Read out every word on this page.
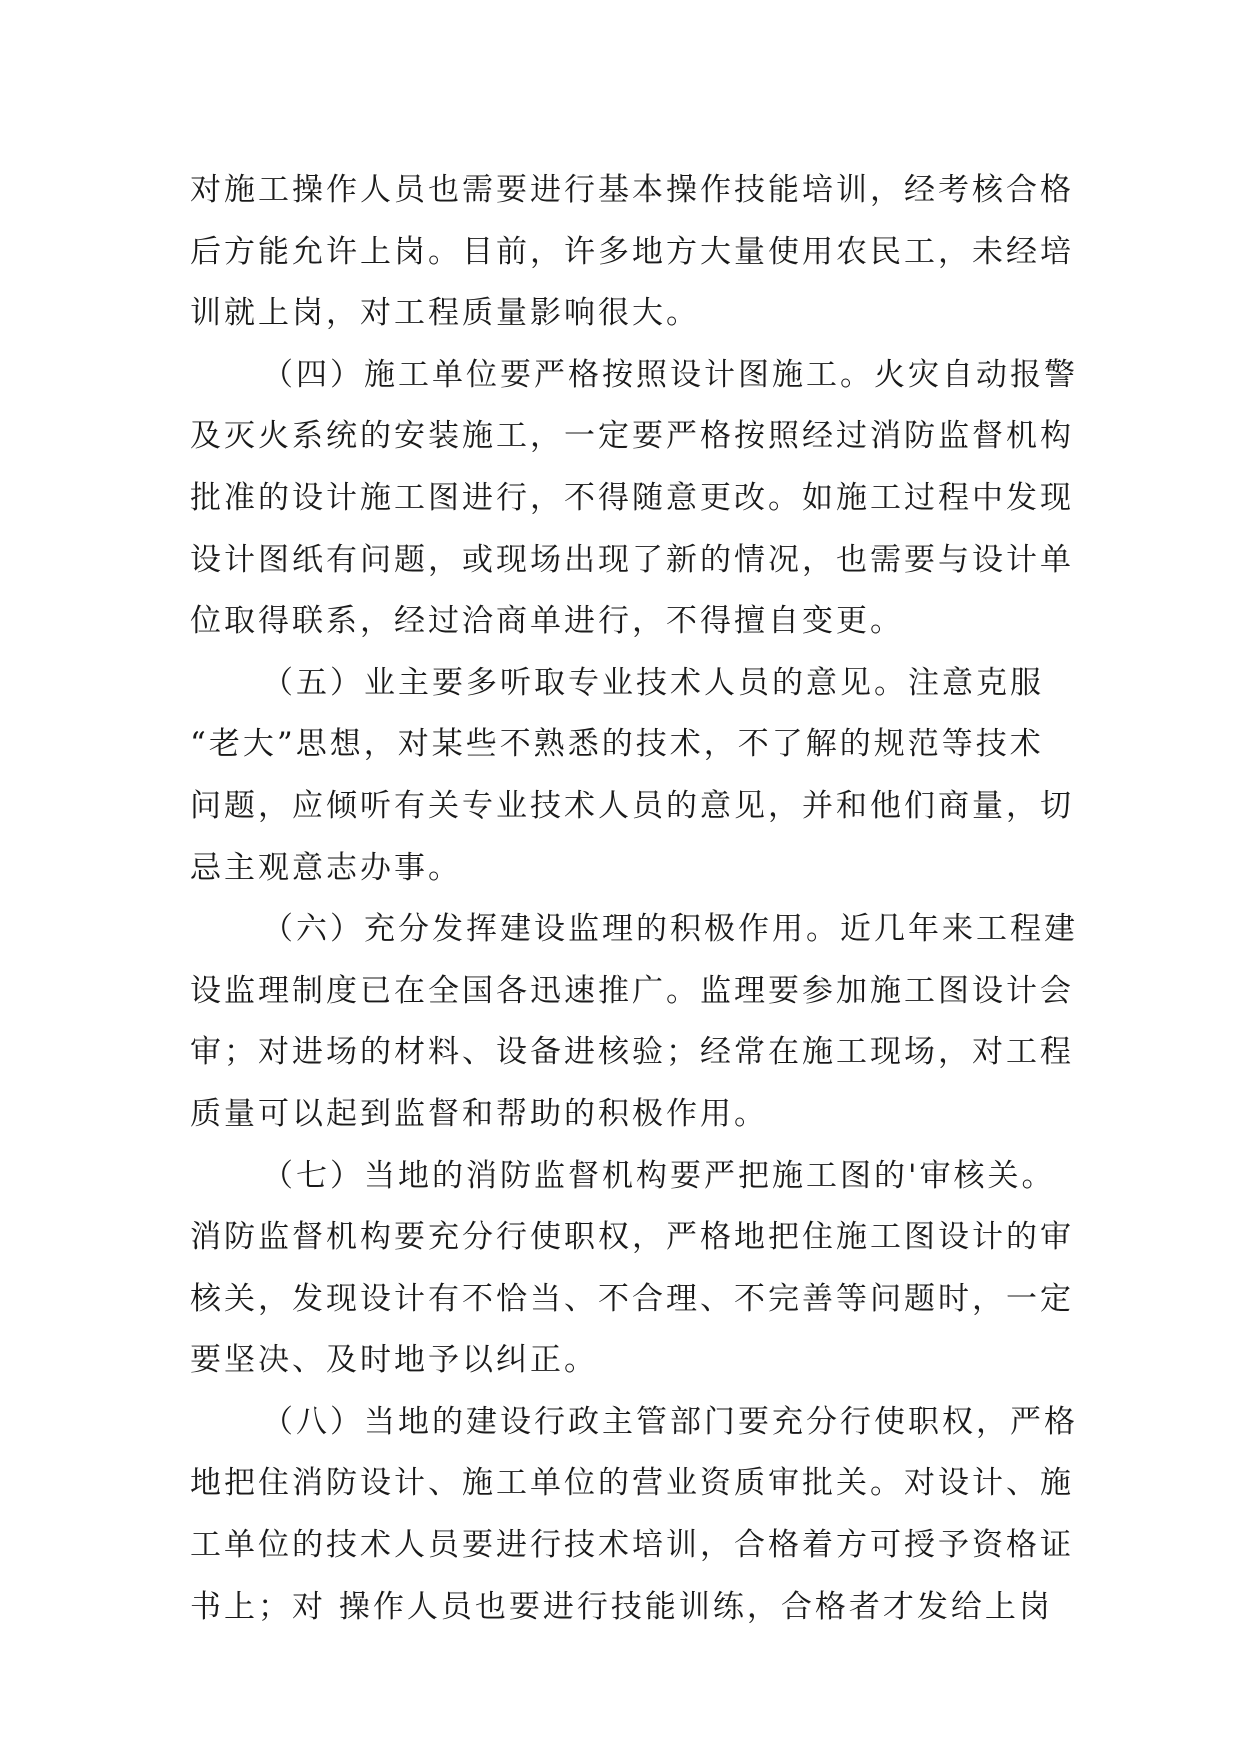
对施工操作人员也需要进行基本操作技能培训，经考核合格
后方能允许上岗。目前，许多地方大量使用农民工，未经培
训就上岗，对工程质量影响很大。
（四）施工单位要严格按照设计图施工。火灾自动报警
及灭火系统的安装施工，一定要严格按照经过消防监督机构
批准的设计施工图进行，不得随意更改。如施工过程中发现
设计图纸有问题，或现场出现了新的情况，也需要与设计单
位取得联系，经过洽商单进行，不得擅自变更。
（五）业主要多听取专业技术人员的意见。注意克服
“老大”思想，对某些不熟悉的技术，不了解的规范等技术
问题，应倾听有关专业技术人员的意见，并和他们商量，切
忌主观意志办事。
（六）充分发挥建设监理的积极作用。近几年来工程建
设监理制度已在全国各迅速推广。监理要参加施工图设计会
审；对进场的材料、设备进核验；经常在施工现场，对工程
质量可以起到监督和帮助的积极作用。
（七）当地的消防监督机构要严把施工图的'审核关。
消防监督机构要充分行使职权，严格地把住施工图设计的审
核关，发现设计有不恰当、不合理、不完善等问题时，一定
要坚决、及时地予以纠正。
（八）当地的建设行政主管部门要充分行使职权，严格
地把住消防设计、施工单位的营业资质审批关。对设计、施
工单位的技术人员要进行技术培训，合格着方可授予资格证
书上；对 操作人员也要进行技能训练，合格者才发给上岗
